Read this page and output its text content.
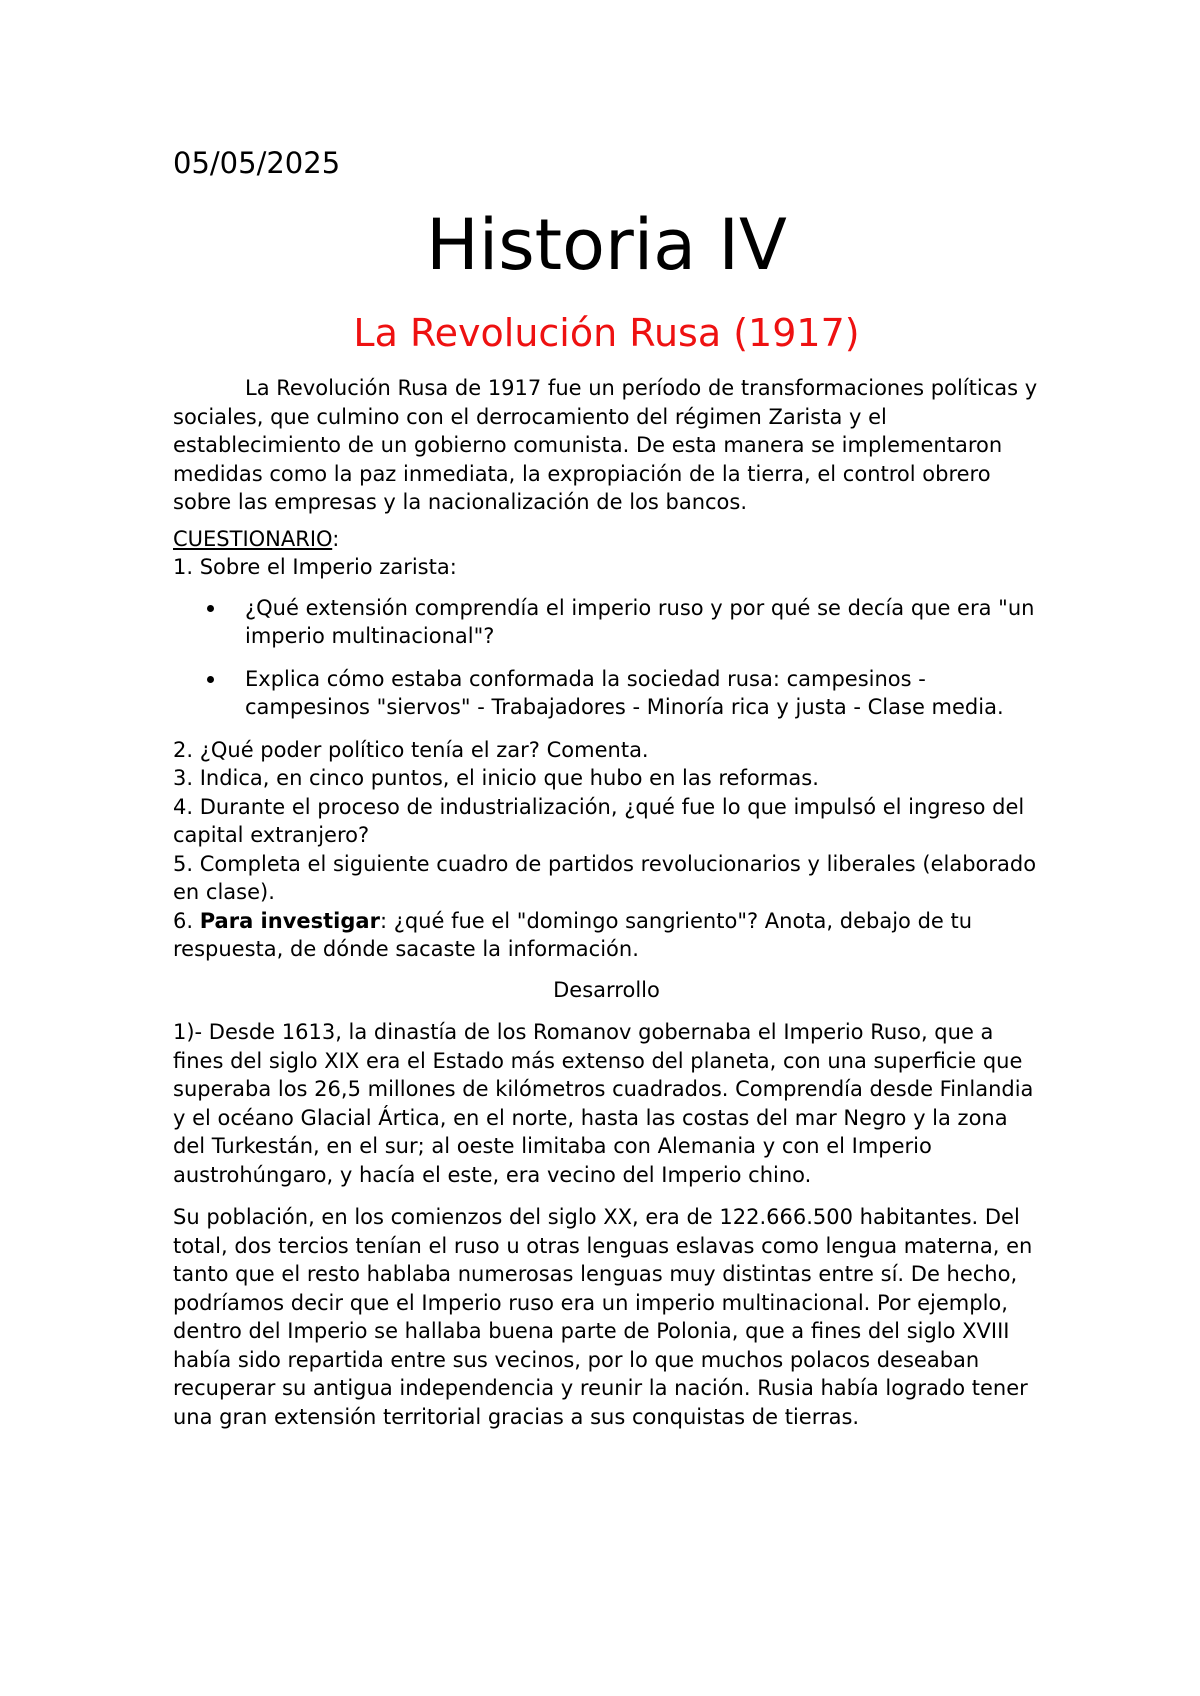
05/05/2025
Historia IV
La Revolución Rusa (1917)

La Revolución Rusa de 1917 fue un período de transformaciones políticas y sociales, que culmino con el derrocamiento del régimen Zarista y el establecimiento de un gobierno comunista. De esta manera se implementaron medidas como la paz inmediata, la expropiación de la tierra, el control obrero sobre las empresas y la nacionalización de los bancos.

CUESTIONARIO:

1. Sobre el Imperio zarista:

¿Qué extensión comprendía el imperio ruso y por qué se decía que era "un imperio multinacional"?
Explica cómo estaba conformada la sociedad rusa: campesinos - campesinos "siervos" - Trabajadores - Minoría rica y justa - Clase media.

2. ¿Qué poder político tenía el zar? Comenta.

3. Indica, en cinco puntos, el inicio que hubo en las reformas.

4. Durante el proceso de industrialización, ¿qué fue lo que impulsó el ingreso del capital extranjero?

5. Completa el siguiente cuadro de partidos revolucionarios y liberales (elaborado en clase).

6. Para investigar: ¿qué fue el "domingo sangriento"? Anota, debajo de tu respuesta, de dónde sacaste la información.

Desarrollo

1)- Desde 1613, la dinastía de los Romanov gobernaba el Imperio Ruso, que a fines del siglo XIX era el Estado más extenso del planeta, con una superficie que superaba los 26,5 millones de kilómetros cuadrados. Comprendía desde Finlandia y el océano Glacial Ártica, en el norte, hasta las costas del mar Negro y la zona del Turkestán, en el sur; al oeste limitaba con Alemania y con el Imperio austrohúngaro, y hacía el este, era vecino del Imperio chino.

Su población, en los comienzos del siglo XX, era de 122.666.500 habitantes. Del total, dos tercios tenían el ruso u otras lenguas eslavas como lengua materna, en tanto que el resto hablaba numerosas lenguas muy distintas entre sí. De hecho, podríamos decir que el Imperio ruso era un imperio multinacional. Por ejemplo, dentro del Imperio se hallaba buena parte de Polonia, que a fines del siglo XVIII había sido repartida entre sus vecinos, por lo que muchos polacos deseaban recuperar su antigua independencia y reunir la nación. Rusia había logrado tener una gran extensión territorial gracias a sus conquistas de tierras.
